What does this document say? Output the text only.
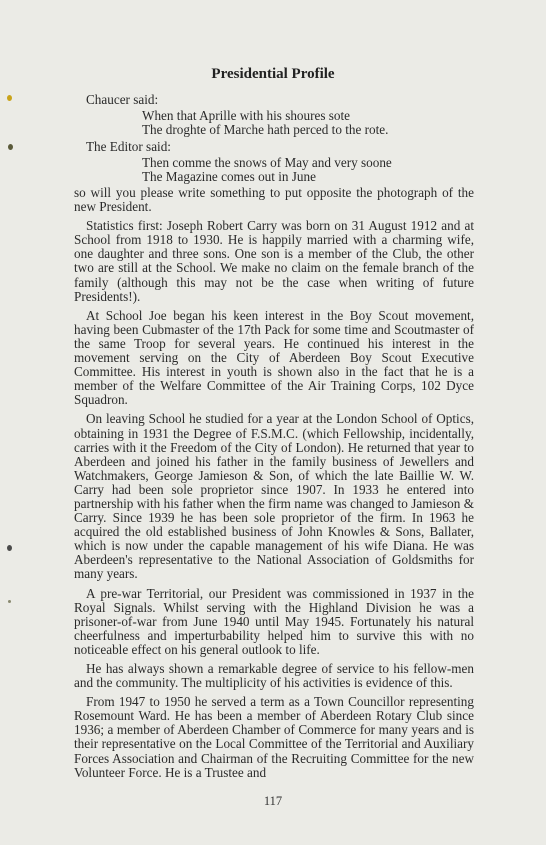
Presidential Profile
Chaucer said:
When that Aprille with his shoures sote
The droghte of Marche hath perced to the rote.
The Editor said:
Then comme the snows of May and very soone
The Magazine comes out in June

so will you please write something to put opposite the photograph of the new President.

Statistics first: Joseph Robert Carry was born on 31 August 1912 and at School from 1918 to 1930. He is happily married with a charming wife, one daughter and three sons. One son is a member of the Club, the other two are still at the School. We make no claim on the female branch of the family (although this may not be the case when writing of future Presidents!).

At School Joe began his keen interest in the Boy Scout movement, having been Cubmaster of the 17th Pack for some time and Scoutmaster of the same Troop for several years. He continued his interest in the movement serving on the City of Aberdeen Boy Scout Executive Committee. His interest in youth is shown also in the fact that he is a member of the Welfare Committee of the Air Training Corps, 102 Dyce Squadron.

On leaving School he studied for a year at the London School of Optics, obtaining in 1931 the Degree of F.S.M.C. (which Fellowship, incidentally, carries with it the Freedom of the City of London). He returned that year to Aberdeen and joined his father in the family business of Jewellers and Watchmakers, George Jamieson & Son, of which the late Baillie W. W. Carry had been sole proprietor since 1907. In 1933 he entered into partnership with his father when the firm name was changed to Jamieson & Carry. Since 1939 he has been sole proprietor of the firm. In 1963 he acquired the old established business of John Knowles & Sons, Ballater, which is now under the capable management of his wife Diana. He was Aberdeen's representative to the National Association of Goldsmiths for many years.

A pre-war Territorial, our President was commissioned in 1937 in the Royal Signals. Whilst serving with the Highland Division he was a prisoner-of-war from June 1940 until May 1945. Fortunately his natural cheerfulness and imperturbability helped him to survive this with no noticeable effect on his general outlook to life.

He has always shown a remarkable degree of service to his fellow-men and the community. The multiplicity of his activities is evidence of this.

From 1947 to 1950 he served a term as a Town Councillor representing Rosemount Ward. He has been a member of Aberdeen Rotary Club since 1936; a member of Aberdeen Chamber of Commerce for many years and is their representative on the Local Committee of the Territorial and Auxiliary Forces Association and Chairman of the Recruiting Committee for the new Volunteer Force. He is a Trustee and

117
